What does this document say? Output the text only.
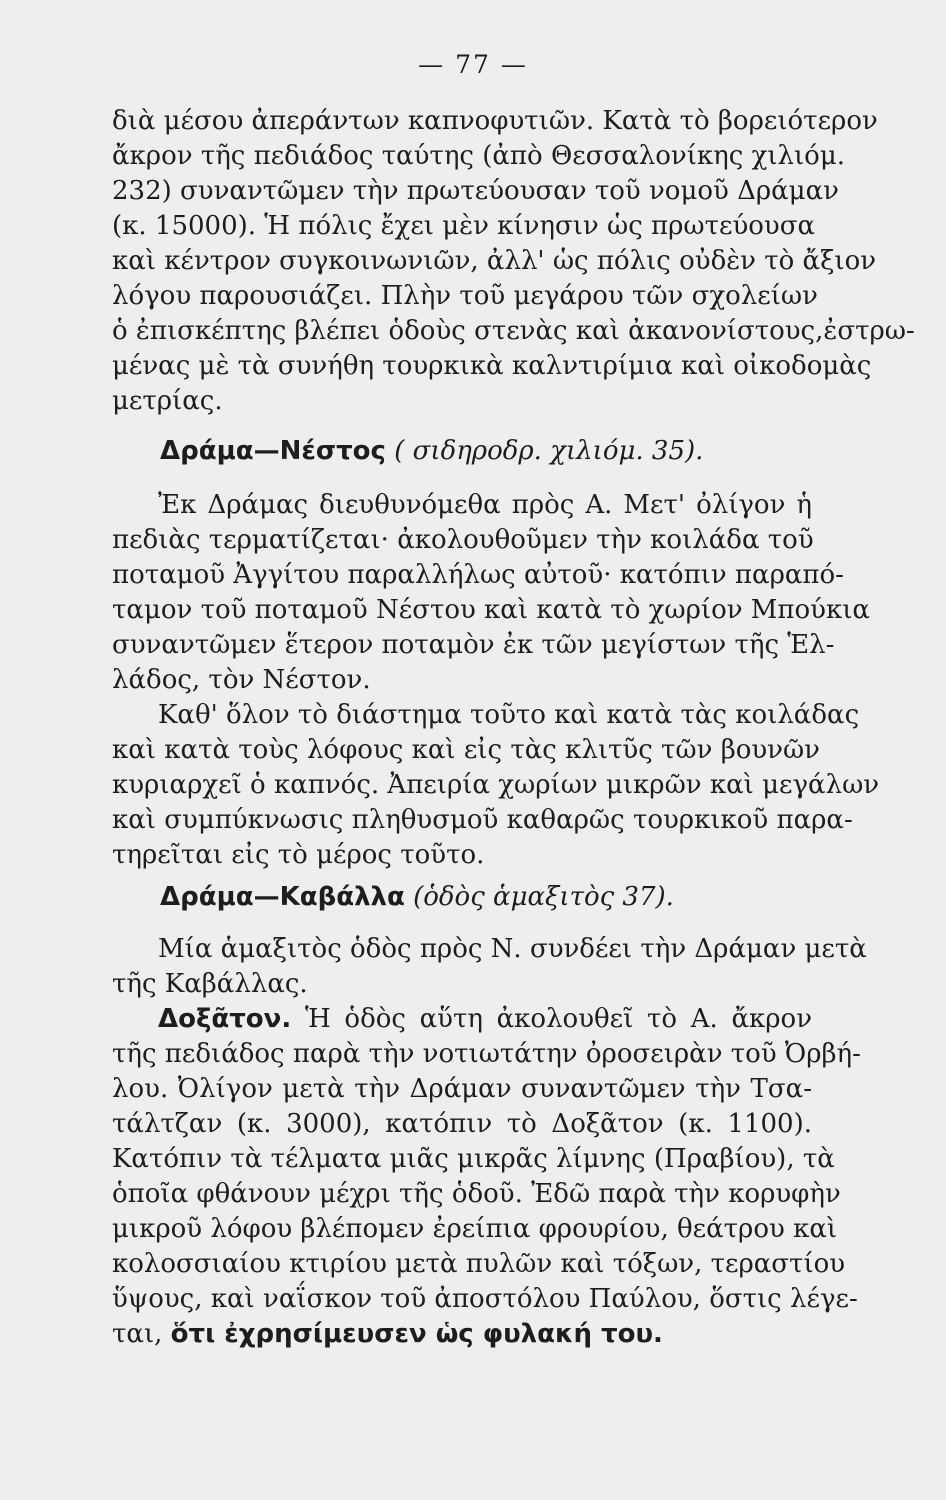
— 77 —
διὰ μέσου ἀπεράντων καπνοφυτιῶν. Κατὰ τὸ βορειότερον
ἄκρον τῆς πεδιάδος ταύτης (ἀπὸ Θεσσαλονίκης χιλιόμ.
232) συναντῶμεν τὴν πρωτεύουσαν τοῦ νομοῦ Δράμαν
(κ. 15000). Ἡ πόλις ἔχει μὲν κίνησιν ὡς πρωτεύουσα
καὶ κέντρον συγκοινωνιῶν, ἀλλ' ὡς πόλις οὐδὲν τὸ ἄξιον
λόγου παρουσιάζει. Πλὴν τοῦ μεγάρου τῶν σχολείων
ὁ ἐπισκέπτης βλέπει ὁδοὺς στενὰς καὶ ἀκανονίστους,ἐστρω-
μένας μὲ τὰ συνήθη τουρκικὰ καλντιρίμια καὶ οἰκοδομὰς
μετρίας.
Δράμα—Νέστος ( σιδηροδρ. χιλιόμ. 35).
Ἐκ Δράμας διευθυνόμεθα πρὸς Α. Μετ' ὀλίγον ἡ
πεδιὰς τερματίζεται· ἀκολουθοῦμεν τὴν κοιλάδα τοῦ
ποταμοῦ Ἀγγίτου παραλλήλως αὐτοῦ· κατόπιν παραπό-
ταμον τοῦ ποταμοῦ Νέστου καὶ κατὰ τὸ χωρίον Μπούκια
συναντῶμεν ἕτερον ποταμὸν ἐκ τῶν μεγίστων τῆς Ἑλ-
λάδος, τὸν Νέστον.
Καθ' ὅλον τὸ διάστημα τοῦτο καὶ κατὰ τὰς κοιλάδας
καὶ κατὰ τοὺς λόφους καὶ εἰς τὰς κλιτῦς τῶν βουνῶν
κυριαρχεῖ ὁ καπνός. Ἀπειρία χωρίων μικρῶν καὶ μεγάλων
καὶ συμπύκνωσις πληθυσμοῦ καθαρῶς τουρκικοῦ παρα-
τηρεῖται εἰς τὸ μέρος τοῦτο.
Δράμα—Καβάλλα (ὁδὸς ἁμαξιτὸς 37).
Μία ἁμαξιτὸς ὁδὸς πρὸς Ν. συνδέει τὴν Δράμαν μετὰ
τῆς Καβάλλας.
Δοξᾶτον. Ἡ ὁδὸς αὕτη ἀκολουθεῖ τὸ Α. ἄκρον
τῆς πεδιάδος παρὰ τὴν νοτιωτάτην ὀροσειρὰν τοῦ Ὀρβή-
λου. Ὀλίγον μετὰ τὴν Δράμαν συναντῶμεν τὴν Τσα-
τάλτζαν (κ. 3000), κατόπιν τὸ Δοξᾶτον (κ. 1100).
Κατόπιν τὰ τέλματα μιᾶς μικρᾶς λίμνης (Πραβίου), τὰ
ὁποῖα φθάνουν μέχρι τῆς ὁδοῦ. Ἐδῶ παρὰ τὴν κορυφὴν
μικροῦ λόφου βλέπομεν ἐρείπια φρουρίου, θεάτρου καὶ
κολοσσιαίου κτιρίου μετὰ πυλῶν καὶ τόξων, τεραστίου
ὕψους, καὶ ναΐσκον τοῦ ἀποστόλου Παύλου, ὅστις λέγε-
ται, ὅτι ἐχρησίμευσεν ὡς φυλακή του.
